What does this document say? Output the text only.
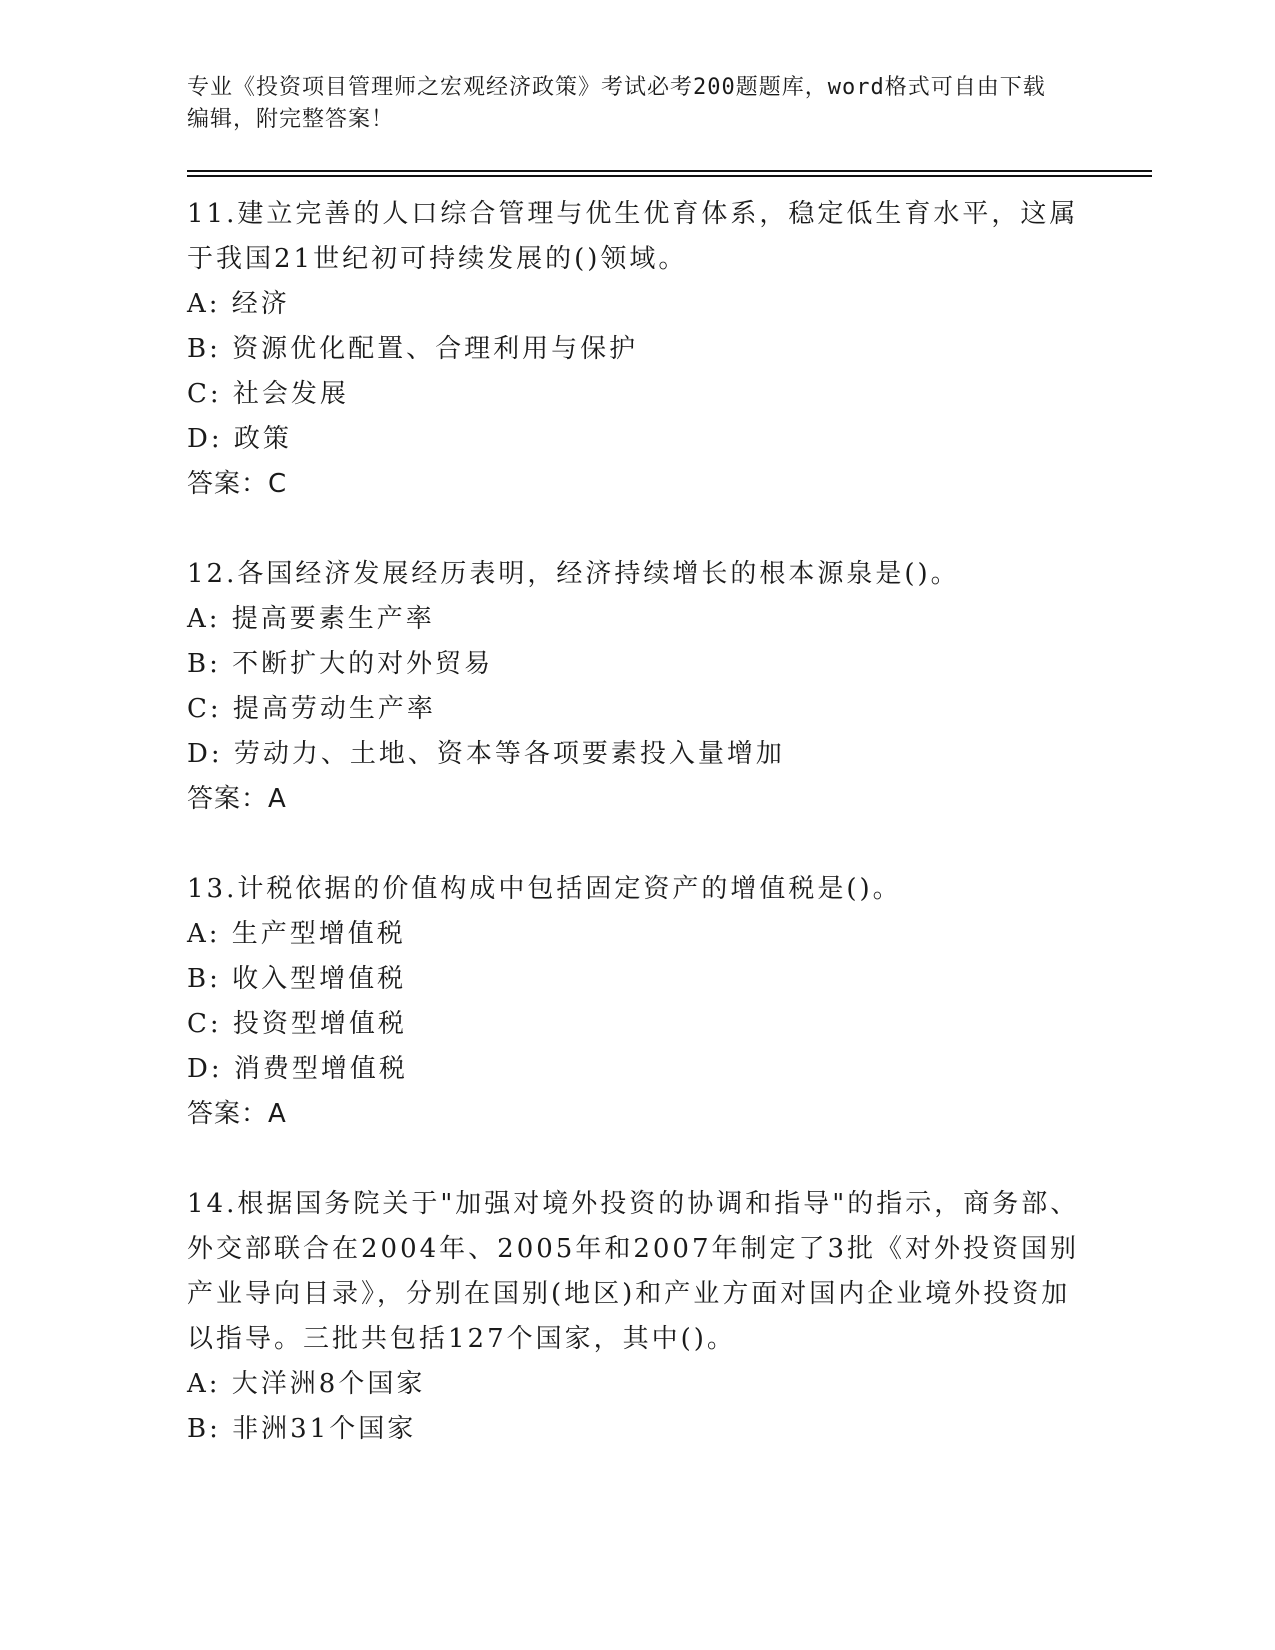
专业《投资项目管理师之宏观经济政策》考试必考200题题库，word格式可自由下载编辑，附完整答案！

11.建立完善的人口综合管理与优生优育体系，稳定低生育水平，这属于我国21世纪初可持续发展的()领域。

A: 经济

B: 资源优化配置、合理利用与保护

C: 社会发展

D: 政策

答案：C

12.各国经济发展经历表明，经济持续增长的根本源泉是()。

A: 提高要素生产率

B: 不断扩大的对外贸易

C: 提高劳动生产率

D: 劳动力、土地、资本等各项要素投入量增加

答案：A

13.计税依据的价值构成中包括固定资产的增值税是()。

A: 生产型增值税

B: 收入型增值税

C: 投资型增值税

D: 消费型增值税

答案：A

14.根据国务院关于"加强对境外投资的协调和指导"的指示，商务部、外交部联合在2004年、2005年和2007年制定了3批《对外投资国别产业导向目录》，分别在国别(地区)和产业方面对国内企业境外投资加以指导。三批共包括127个国家，其中()。

A: 大洋洲8个国家

B: 非洲31个国家
